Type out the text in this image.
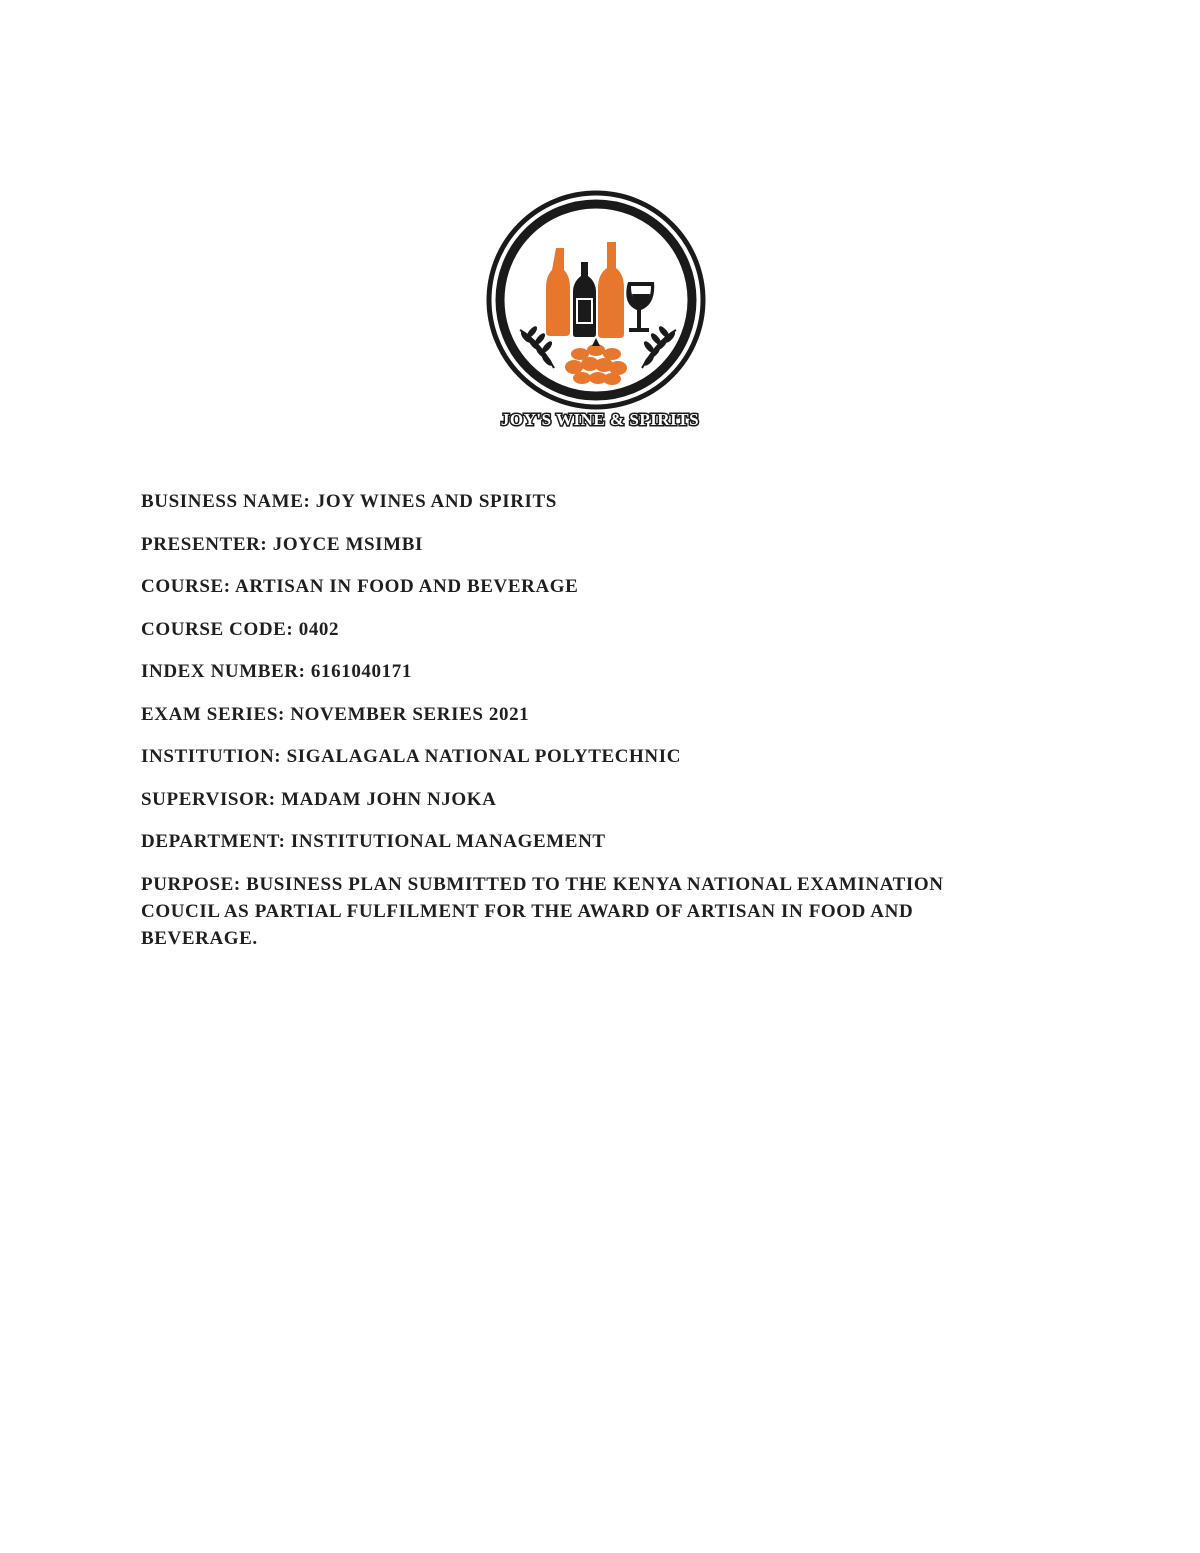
JOY'S WINE & SPIRITS
BUSINESS NAME: JOY WINES AND SPIRITS
PRESENTER: JOYCE MSIMBI
COURSE: ARTISAN IN FOOD AND BEVERAGE
COURSE CODE: 0402
INDEX NUMBER: 6161040171
EXAM SERIES: NOVEMBER SERIES 2021
INSTITUTION: SIGALAGALA NATIONAL POLYTECHNIC
SUPERVISOR: MADAM JOHN NJOKA
DEPARTMENT: INSTITUTIONAL MANAGEMENT
PURPOSE: BUSINESS PLAN SUBMITTED TO THE KENYA NATIONAL EXAMINATION COUCIL AS PARTIAL FULFILMENT FOR THE AWARD OF ARTISAN IN FOOD AND BEVERAGE.
